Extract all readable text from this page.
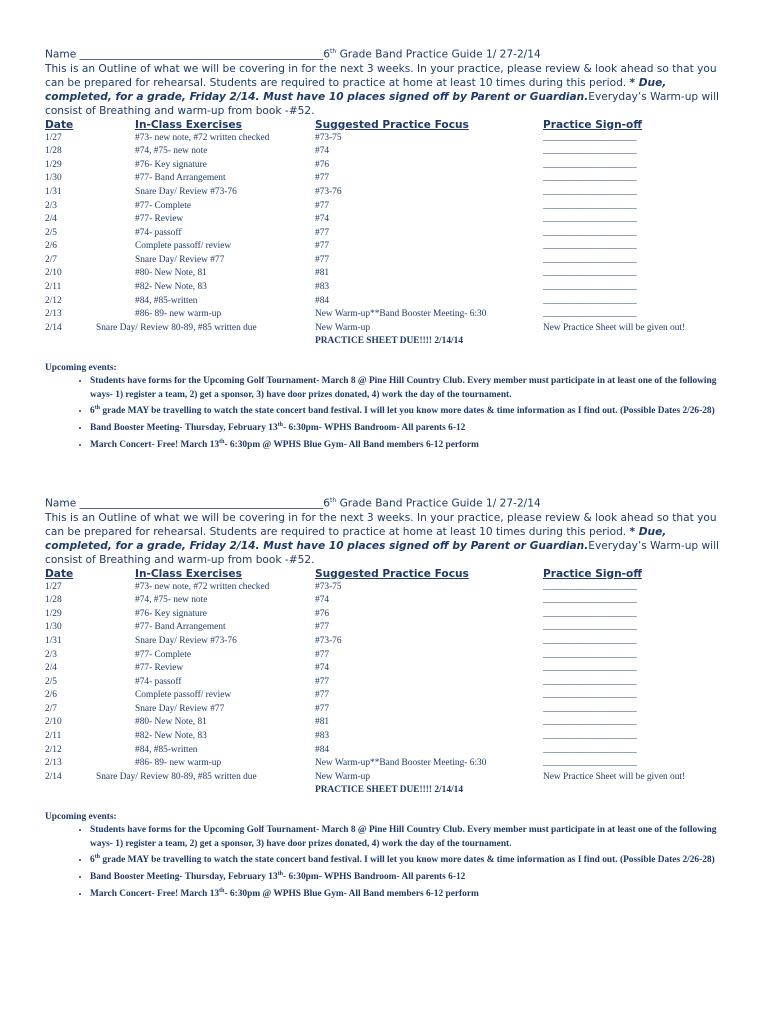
Name ______________________________________________6th Grade Band Practice Guide 1/ 27-2/14
This is an Outline of what we will be covering in for the next 3 weeks. In your practice, please review & look ahead so that you can be prepared for rehearsal. Students are required to practice at home at least 10 times during this period. * Due, completed, for a grade, Friday 2/14. Must have 10 places signed off by Parent or Guardian.Everyday’s Warm-up will consist of Breathing and warm-up from book -#52.

Date	In-Class Exercises	Suggested Practice Focus	Practice Sign-off
1/27	#73- new note, #72 written checked	#73-75	____________________
1/28	#74, #75- new note	#74	____________________
1/29	#76- Key signature	#76	____________________
1/30	#77- Band Arrangement	#77	____________________
1/31	Snare Day/ Review #73-76	#73-76	____________________
2/3	#77- Complete	#77	____________________
2/4	#77- Review	#74	____________________
2/5	#74- passoff	#77	____________________
2/6	Complete passoff/ review	#77	____________________
2/7	Snare Day/ Review #77	#77	____________________
2/10	#80- New Note, 81	#81	____________________
2/11	#82- New Note, 83	#83	____________________
2/12	#84, #85-written	#84	____________________
2/13	#86- 89- new warm-up	New Warm-up**Band Booster Meeting- 6:30	____________________
2/14	Snare Day/ Review 80-89, #85 written due	New Warm-up	New Practice Sheet will be given out!
		PRACTICE SHEET DUE!!!! 2/14/14	
Upcoming events:
• Students have forms for the Upcoming Golf Tournament- March 8 @ Pine Hill Country Club. Every member must participate in at least one of the following ways- 1) register a team, 2) get a sponsor, 3) have door prizes donated, 4) work the day of the tournament.
• 6th grade MAY be travelling to watch the state concert band festival. I will let you know more dates & time information as I find out. (Possible Dates 2/26-28)
• Band Booster Meeting- Thursday, February 13th- 6:30pm- WPHS Bandroom- All parents 6-12
• March Concert- Free! March 13th- 6:30pm @ WPHS Blue Gym- All Band members 6-12 perform

Name ______________________________________________6th Grade Band Practice Guide 1/ 27-2/14
This is an Outline of what we will be covering in for the next 3 weeks. In your practice, please review & look ahead so that you can be prepared for rehearsal. Students are required to practice at home at least 10 times during this period. * Due, completed, for a grade, Friday 2/14. Must have 10 places signed off by Parent or Guardian.Everyday’s Warm-up will consist of Breathing and warm-up from book -#52.

Date	In-Class Exercises	Suggested Practice Focus	Practice Sign-off
1/27	#73- new note, #72 written checked	#73-75	____________________
1/28	#74, #75- new note	#74	____________________
1/29	#76- Key signature	#76	____________________
1/30	#77- Band Arrangement	#77	____________________
1/31	Snare Day/ Review #73-76	#73-76	____________________
2/3	#77- Complete	#77	____________________
2/4	#77- Review	#74	____________________
2/5	#74- passoff	#77	____________________
2/6	Complete passoff/ review	#77	____________________
2/7	Snare Day/ Review #77	#77	____________________
2/10	#80- New Note, 81	#81	____________________
2/11	#82- New Note, 83	#83	____________________
2/12	#84, #85-written	#84	____________________
2/13	#86- 89- new warm-up	New Warm-up**Band Booster Meeting- 6:30	____________________
2/14	Snare Day/ Review 80-89, #85 written due	New Warm-up	New Practice Sheet will be given out!
		PRACTICE SHEET DUE!!!! 2/14/14	
Upcoming events:
• Students have forms for the Upcoming Golf Tournament- March 8 @ Pine Hill Country Club. Every member must participate in at least one of the following ways- 1) register a team, 2) get a sponsor, 3) have door prizes donated, 4) work the day of the tournament.
• 6th grade MAY be travelling to watch the state concert band festival. I will let you know more dates & time information as I find out. (Possible Dates 2/26-28)
• Band Booster Meeting- Thursday, February 13th- 6:30pm- WPHS Bandroom- All parents 6-12
• March Concert- Free! March 13th- 6:30pm @ WPHS Blue Gym- All Band members 6-12 perform
